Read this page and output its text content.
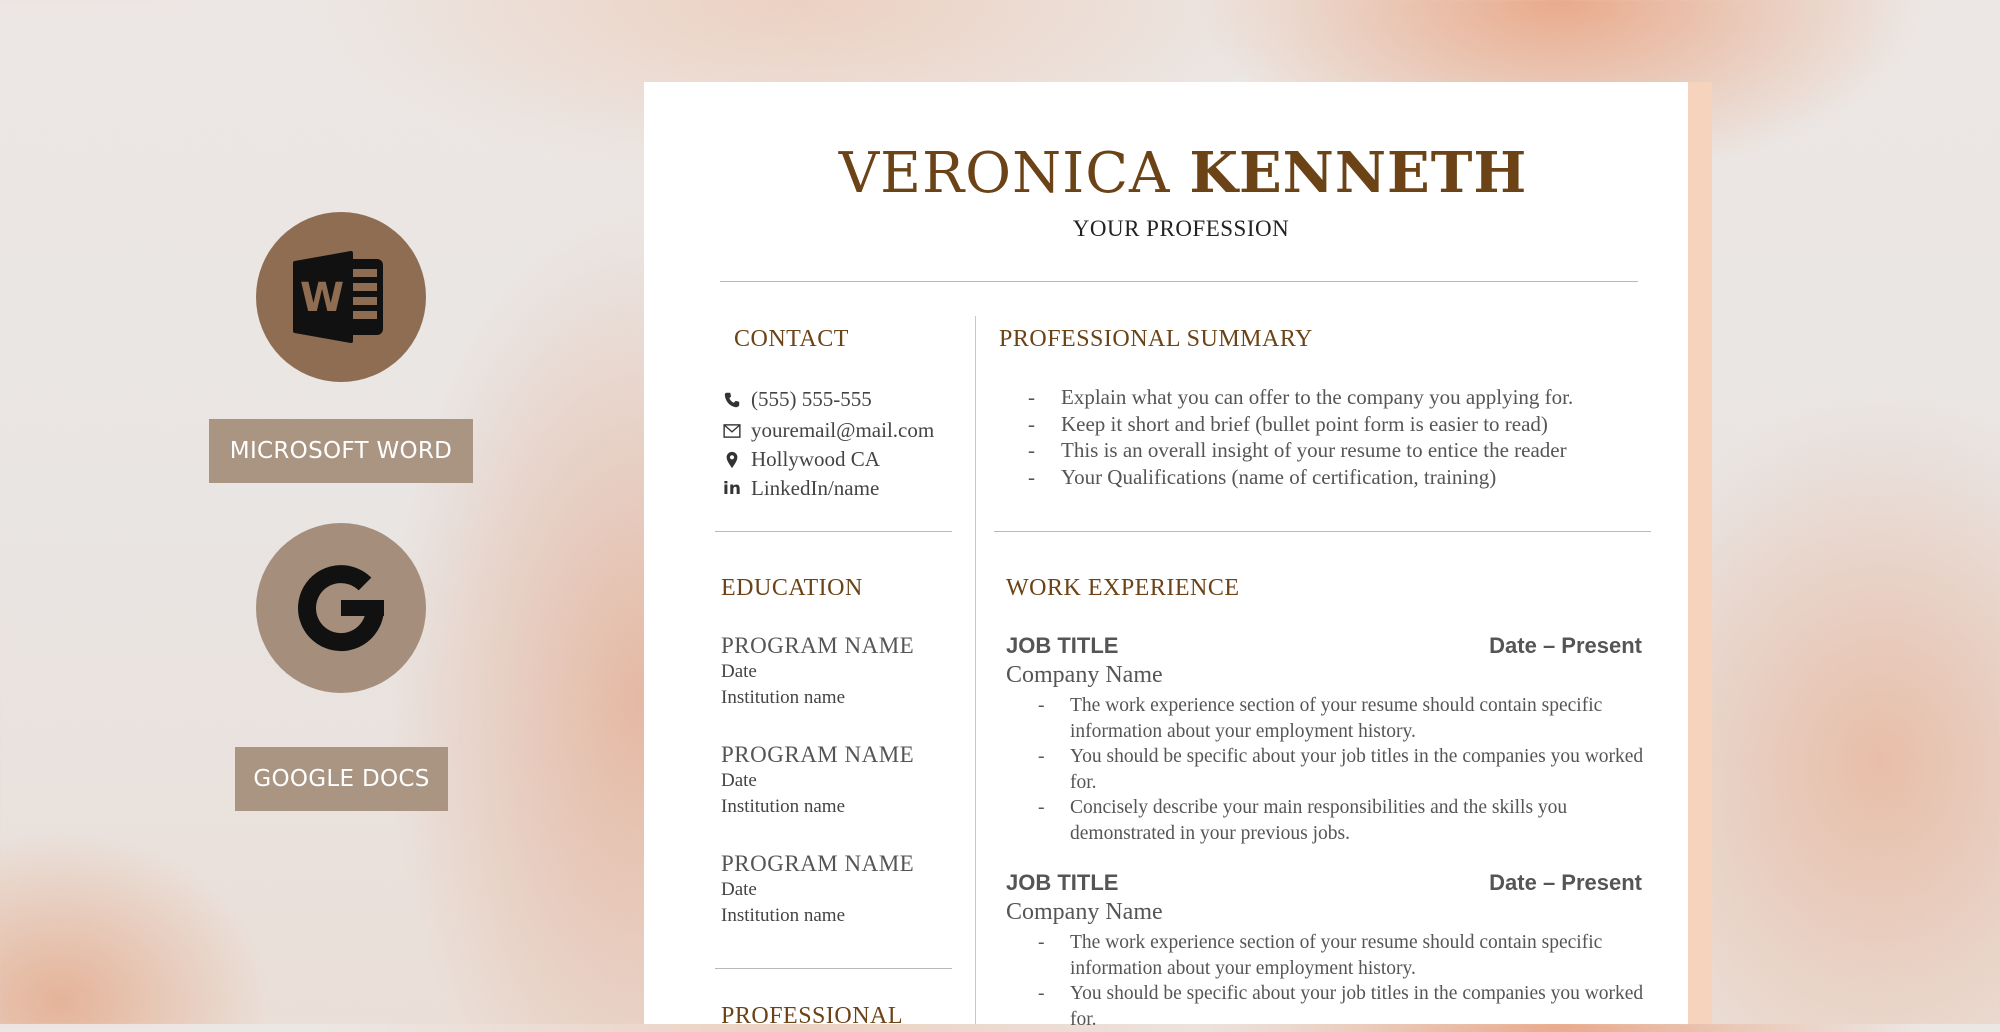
W
MICROSOFT WORD
GOOGLE DOCS
VERONICA KENNETH
YOUR PROFESSION
CONTACT
(555) 555-555
youremail@mail.com
Hollywood CA
in LinkedIn/name
EDUCATION
PROGRAM NAME
Date
Institution name
PROGRAM NAME
Date
Institution name
PROGRAM NAME
Date
Institution name
PROFESSIONAL
PROFESSIONAL SUMMARY
- Explain what you can offer to the company you applying for.
- Keep it short and brief (bullet point form is easier to read)
- This is an overall insight of your resume to entice the reader
- Your Qualifications (name of certification, training)
WORK EXPERIENCE
JOB TITLE	Date – Present
Company Name
- The work experience section of your resume should contain specific information about your employment history.
- You should be specific about your job titles in the companies you worked for.
- Concisely describe your main responsibilities and the skills you demonstrated in your previous jobs.
JOB TITLE	Date – Present
Company Name
- The work experience section of your resume should contain specific information about your employment history.
- You should be specific about your job titles in the companies you worked for.
